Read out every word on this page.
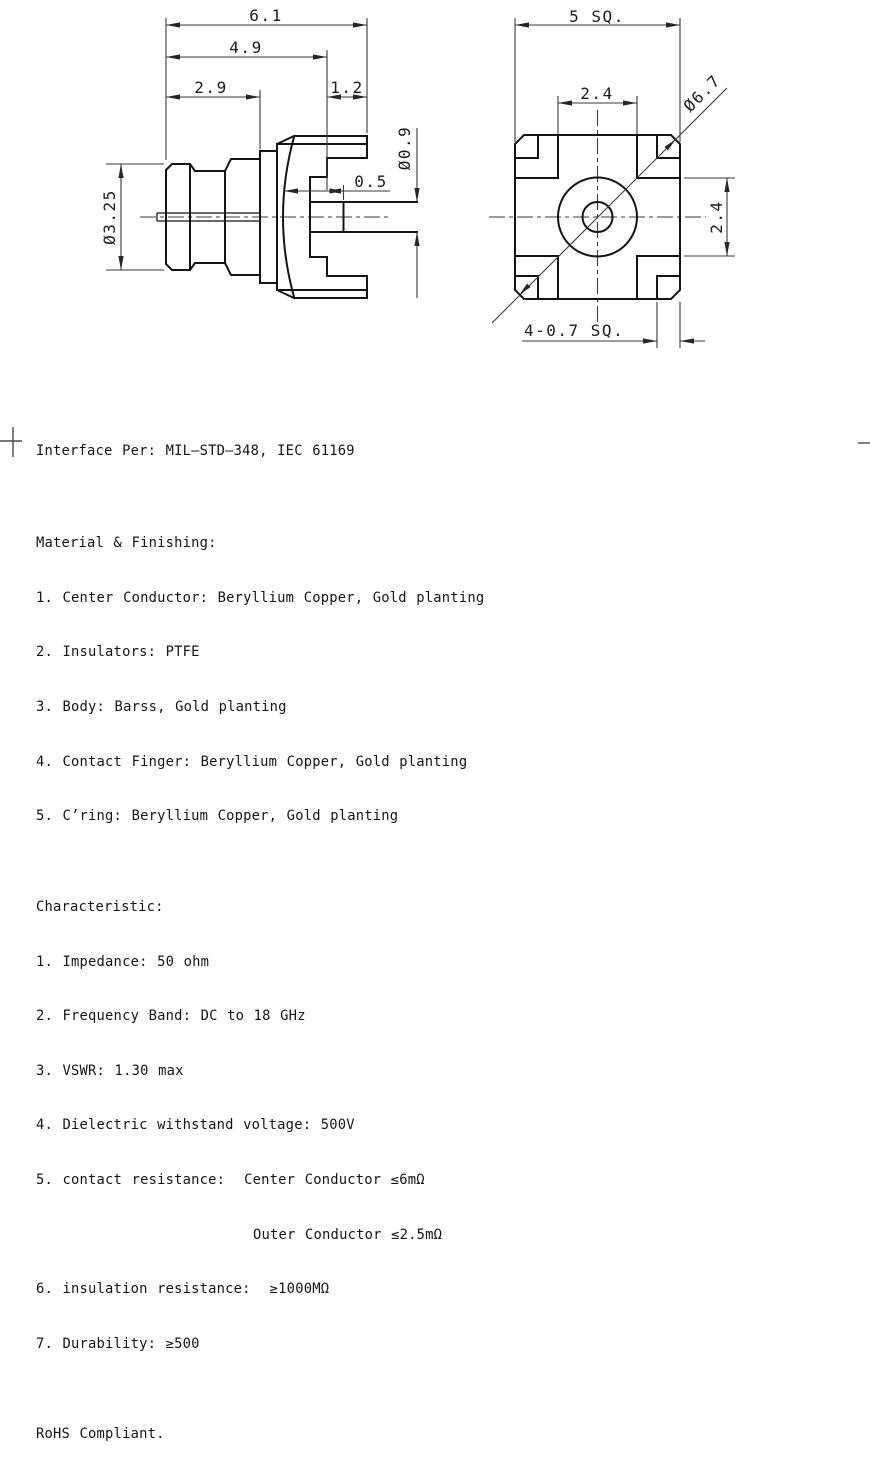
6.1
4.9
2.9	1.2
Ø3.25
Ø0.9
0.5
5 SQ.
2.4	Ø6.7
2.4
4-0.7 SQ.

Interface Per: MIL—STD—348, IEC 61169

Material & Finishing:

1. Center Conductor: Beryllium Copper, Gold planting

2. Insulators: PTFE

3. Body: Barss, Gold planting

4. Contact Finger: Beryllium Copper, Gold planting

5. C’ring: Beryllium Copper, Gold planting

Characteristic:

1. Impedance: 50 ohm

2. Frequency Band: DC to 18 GHz

3. VSWR: 1.30 max

4. Dielectric withstand voltage: 500V

5. contact resistance:  Center Conductor ≤6mΩ

Outer Conductor ≤2.5mΩ

6. insulation resistance:  ≥1000MΩ

7. Durability: ≥500

RoHS Compliant.
